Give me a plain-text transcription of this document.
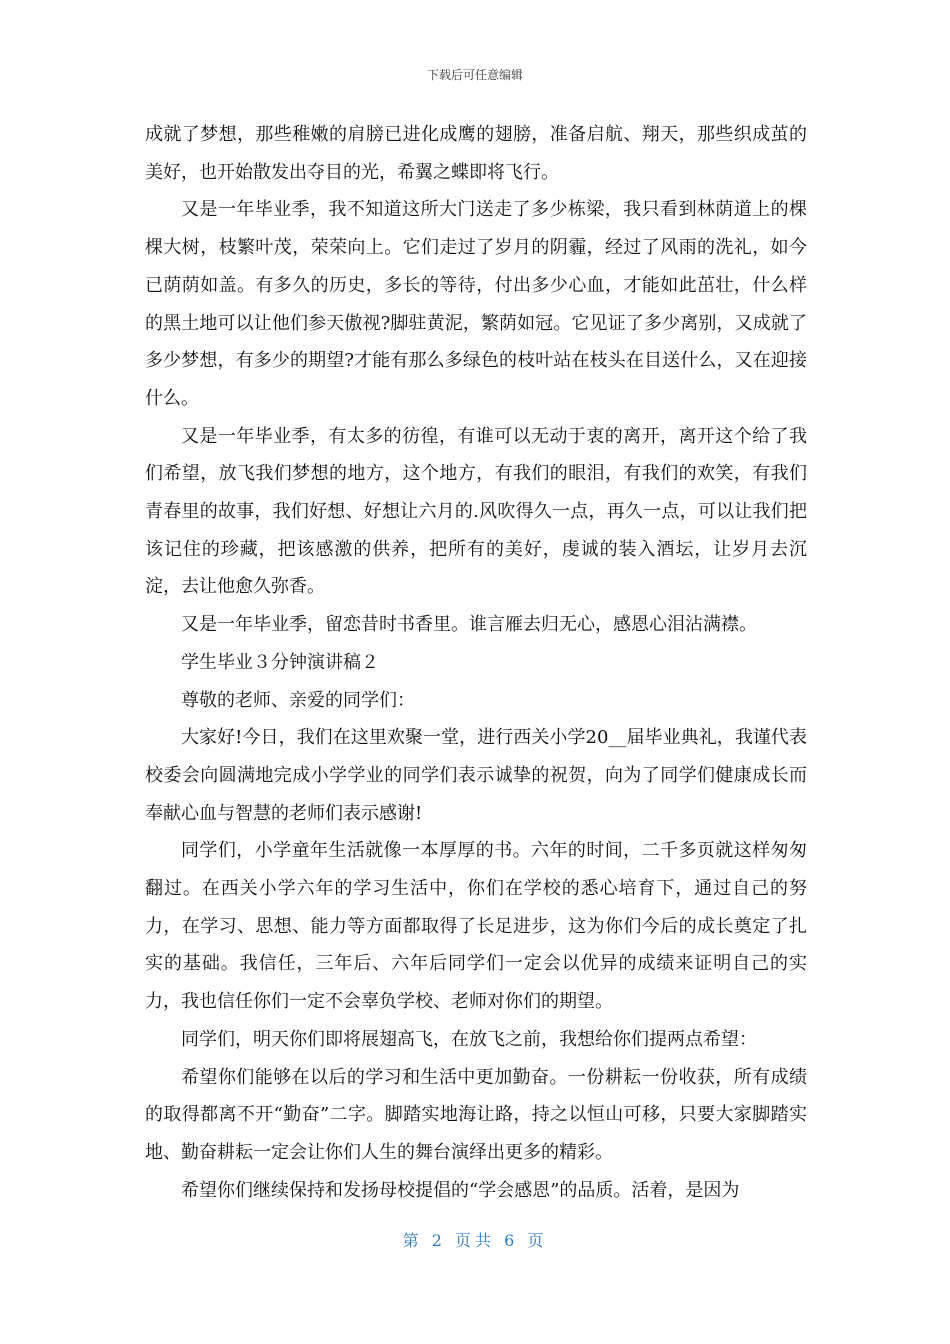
下载后可任意编辑

成就了梦想，那些稚嫩的肩膀已进化成鹰的翅膀，准备启航、翔天，那些织成茧的美好，也开始散发出夺目的光，希翼之蝶即将飞行。

又是一年毕业季，我不知道这所大门送走了多少栋梁，我只看到林荫道上的棵棵大树，枝繁叶茂，荣荣向上。它们走过了岁月的阴霾，经过了风雨的洗礼，如今已荫荫如盖。有多久的历史，多长的等待，付出多少心血，才能如此茁壮，什么样的黑土地可以让他们参天傲视?脚驻黄泥，繁荫如冠。它见证了多少离别，又成就了多少梦想，有多少的期望?才能有那么多绿色的枝叶站在枝头在目送什么，又在迎接什么。

又是一年毕业季，有太多的彷徨，有谁可以无动于衷的离开，离开这个给了我们希望，放飞我们梦想的地方，这个地方，有我们的眼泪，有我们的欢笑，有我们青春里的故事，我们好想、好想让六月的.风吹得久一点，再久一点，可以让我们把该记住的珍藏，把该感激的供养，把所有的美好，虔诚的装入酒坛，让岁月去沉淀，去让他愈久弥香。

又是一年毕业季，留恋昔时书香里。谁言雁去归无心，感恩心泪沾满襟。

学生毕业３分钟演讲稿２

尊敬的老师、亲爱的同学们：

大家好!今日，我们在这里欢聚一堂，进行西关小学20__届毕业典礼，我谨代表校委会向圆满地完成小学学业的同学们表示诚挚的祝贺，向为了同学们健康成长而奉献心血与智慧的老师们表示感谢!

同学们，小学童年生活就像一本厚厚的书。六年的时间，二千多页就这样匆匆翻过。在西关小学六年的学习生活中，你们在学校的悉心培育下，通过自己的努力，在学习、思想、能力等方面都取得了长足进步，这为你们今后的成长奠定了扎实的基础。我信任，三年后、六年后同学们一定会以优异的成绩来证明自己的实力，我也信任你们一定不会辜负学校、老师对你们的期望。

同学们，明天你们即将展翅高飞，在放飞之前，我想给你们提两点希望：

希望你们能够在以后的学习和生活中更加勤奋。一份耕耘一份收获，所有成绩的取得都离不开“勤奋”二字。脚踏实地海让路，持之以恒山可移，只要大家脚踏实地、勤奋耕耘一定会让你们人生的舞台演绎出更多的精彩。

希望你们继续保持和发扬母校提倡的“学会感恩”的品质。活着，是因为

第 2 页共 6 页
